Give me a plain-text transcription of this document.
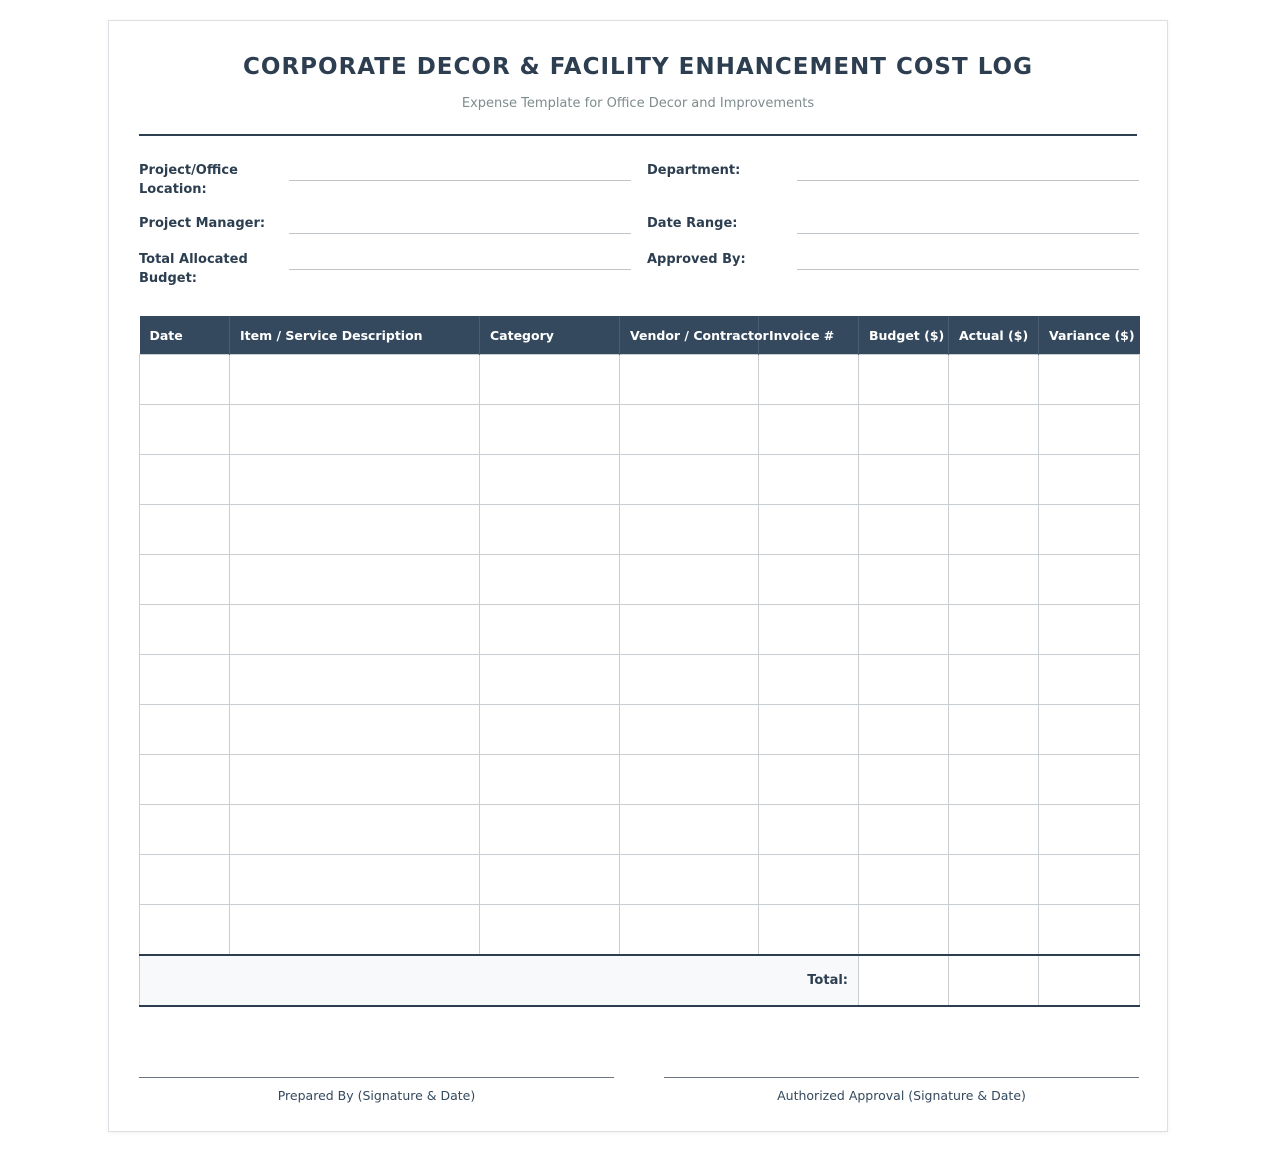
CORPORATE DECOR & FACILITY ENHANCEMENT COST LOG
Expense Template for Office Decor and Improvements
Project/Office Location:
Department:
Project Manager:	Date Range:
Total Allocated Budget:
Approved By:
Date	Item / Service Description	Category	Vendor / Contractor	Invoice #	Budget ($)	Actual ($)	Variance ($)

Total:							
Prepared By (Signature & Date)	Authorized Approval (Signature & Date)
